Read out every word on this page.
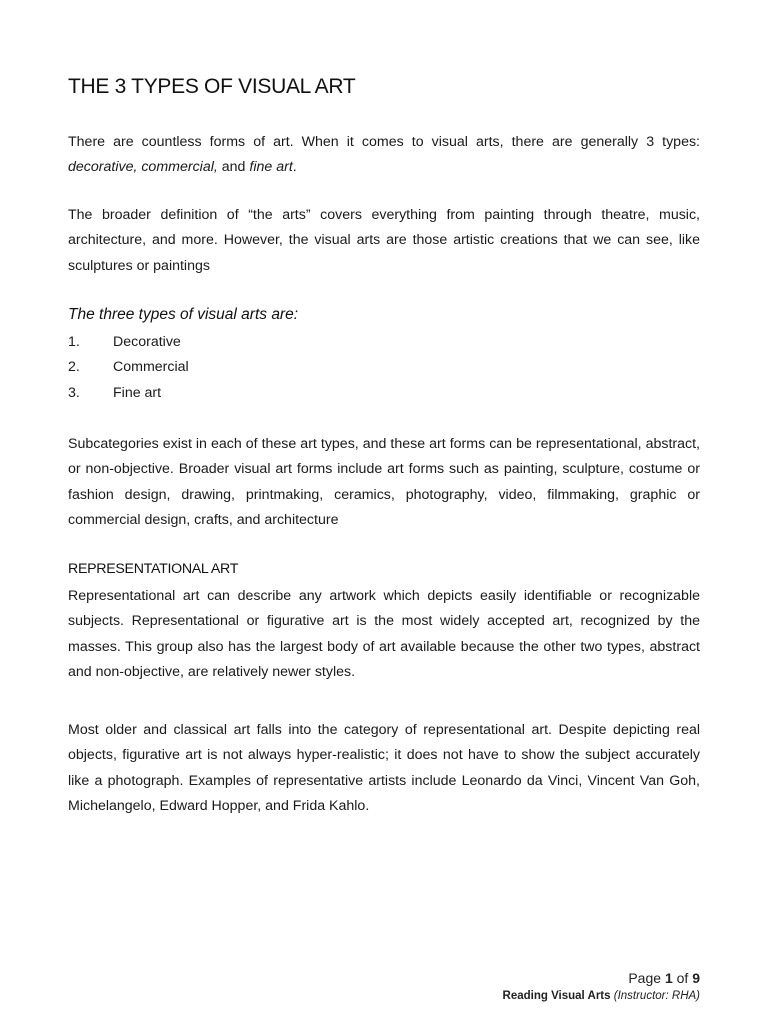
THE 3 TYPES OF VISUAL ART

There are countless forms of art. When it comes to visual arts, there are generally 3 types: decorative, commercial, and fine art.

The broader definition of “the arts” covers everything from painting through theatre, music, architecture, and more. However, the visual arts are those artistic creations that we can see, like sculptures or paintings

The three types of visual arts are:
1.	Decorative
2.	Commercial
3.	Fine art

Subcategories exist in each of these art types, and these art forms can be representational, abstract, or non-objective. Broader visual art forms include art forms such as painting, sculpture, costume or fashion design, drawing, printmaking, ceramics, photography, video, filmmaking, graphic or commercial design, crafts, and architecture

REPRESENTATIONAL ART

Representational art can describe any artwork which depicts easily identifiable or recognizable subjects. Representational or figurative art is the most widely accepted art, recognized by the masses. This group also has the largest body of art available because the other two types, abstract and non-objective, are relatively newer styles.

Most older and classical art falls into the category of representational art. Despite depicting real objects, figurative art is not always hyper-realistic; it does not have to show the subject accurately like a photograph. Examples of representative artists include Leonardo da Vinci, Vincent Van Goh, Michelangelo, Edward Hopper, and Frida Kahlo.

Page 1 of 9
Reading Visual Arts (Instructor: RHA)
